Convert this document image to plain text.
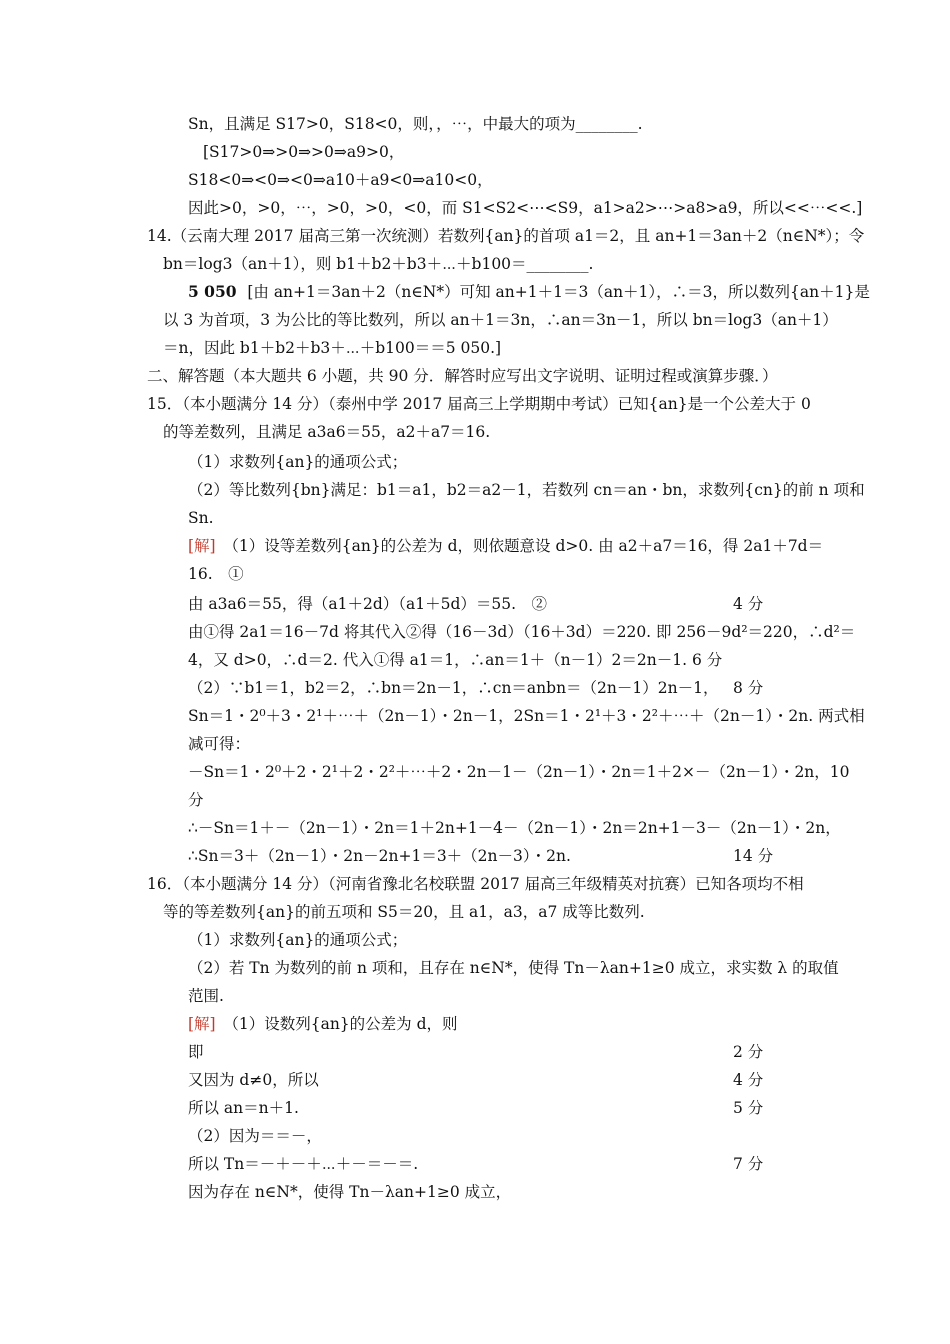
Sn，且满足 S17>0，S18<0，则，，⋯，中最大的项为________.
[S17>0⇒>0⇒>0⇒a9>0，
S18<0⇒<0⇒<0⇒a10＋a9<0⇒a10<0，
因此>0，>0，⋯，>0，>0，<0，而 S1<S2<⋯<S9，a1>a2>⋯>a8>a9，所以<<⋯<<.]
14.（云南大理 2017 届高三第一次统测）若数列{an}的首项 a1＝2，且 an+1＝3an＋2（n∈N*）；令
bn＝log3（an＋1），则 b1＋b2＋b3＋⋯＋b100＝________.
5 050  [由 an+1＝3an＋2（n∈N*）可知 an+1＋1＝3（an＋1），∴＝3，所以数列{an＋1}是
以 3 为首项，3 为公比的等比数列，所以 an＋1＝3n，∴an＝3n－1，所以 bn＝log3（an＋1）
＝n，因此 b1＋b2＋b3＋⋯＋b100＝＝5 050.]
二、解答题（本大题共 6 小题，共 90 分．解答时应写出文字说明、证明过程或演算步骤．）
15．（本小题满分 14 分）（泰州中学 2017 届高三上学期期中考试）已知{an}是一个公差大于 0
的等差数列，且满足 a3a6＝55，a2＋a7＝16.
（1）求数列{an}的通项公式；
（2）等比数列{bn}满足：b1＝a1，b2＝a2－1，若数列 cn＝an・bn，求数列{cn}的前 n 项和
Sn.
[解]　（1）设等差数列{an}的公差为 d，则依题意设 d>0. 由 a2＋a7＝16，得 2a1＋7d＝
16.　①
由 a3a6＝55，得（a1＋2d）（a1＋5d）＝55.　②
由①得 2a1＝16－7d 将其代入②得（16－3d）（16＋3d）＝220. 即 256－9d²＝220，∴d²＝
4，又 d>0，∴d＝2. 代入①得 a1＝1，∴an＝1＋（n－1）2＝2n－1. 6 分
（2）∵b1＝1，b2＝2，∴bn＝2n－1，∴cn＝anbn＝（2n－1）2n－1，
Sn＝1・2⁰＋3・2¹＋⋯＋（2n－1）・2n－1，2Sn＝1・2¹＋3・2²＋⋯＋（2n－1）・2n. 两式相
减可得：
－Sn＝1・2⁰＋2・2¹＋2・2²＋⋯＋2・2n－1－（2n－1）・2n＝1＋2×－（2n－1）・2n，10
分
∴－Sn＝1＋－（2n－1）・2n＝1＋2n+1－4－（2n－1）・2n＝2n+1－3－（2n－1）・2n，
∴Sn＝3＋（2n－1）・2n－2n+1＝3＋（2n－3）・2n.
16．（本小题满分 14 分）（河南省豫北名校联盟 2017 届高三年级精英对抗赛）已知各项均不相
等的等差数列{an}的前五项和 S5＝20，且 a1，a3，a7 成等比数列.
（1）求数列{an}的通项公式；
（2）若 Tn 为数列的前 n 项和，且存在 n∈N*，使得 Tn－λan+1≥0 成立，求实数 λ 的取值
范围.
[解]　（1）设数列{an}的公差为 d，则
即
又因为 d≠0，所以
所以 an＝n＋1.
（2）因为＝＝－，
所以 Tn＝－＋－＋⋯＋－＝－＝.
因为存在 n∈N*，使得 Tn－λan+1≥0 成立，
4 分
8 分
14 分
2 分
4 分
5 分
7 分
